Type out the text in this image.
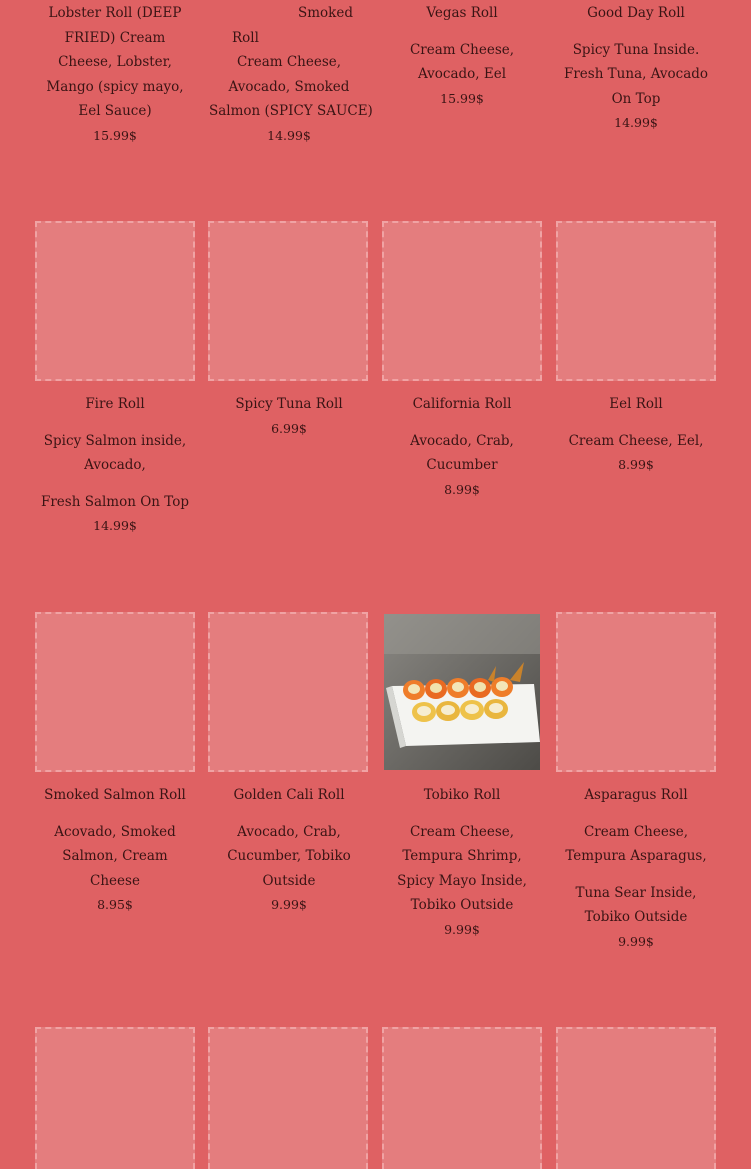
Lobster Roll (DEEP

FRIED) Cream

Cheese, Lobster,

Mango (spicy mayo,

Eel Sauce)

15.99$

Smoked

Roll

Cream Cheese,

Avocado, Smoked

Salmon (SPICY SAUCE)

14.99$

Vegas Roll

Cream Cheese,

Avocado, Eel

15.99$

Good Day Roll

Spicy Tuna Inside.

Fresh Tuna, Avocado

On Top

14.99$

Fire Roll

Spicy Salmon inside,

Avocado,

Fresh Salmon On Top

14.99$

Spicy Tuna Roll

6.99$

California Roll

Avocado, Crab,

Cucumber

8.99$

Eel Roll

Cream Cheese, Eel,

8.99$

Smoked Salmon Roll

Acovado, Smoked

Salmon, Cream

Cheese

8.95$

Golden Cali Roll

Avocado, Crab,

Cucumber, Tobiko

Outside

9.99$

Tobiko Roll

Cream Cheese,

Tempura Shrimp,

Spicy Mayo Inside,

Tobiko Outside

9.99$

Asparagus Roll

Cream Cheese,

Tempura Asparagus,

Tuna Sear Inside,

Tobiko Outside

9.99$
